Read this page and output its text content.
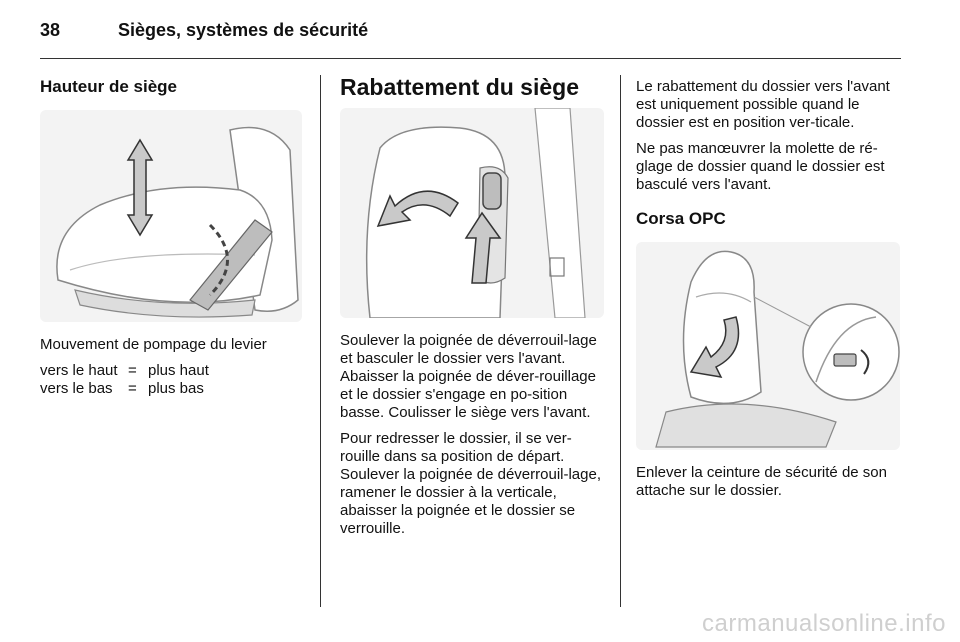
38	Sièges, systèmes de sécurité
Hauteur de siège
Mouvement de pompage du levier
vers le haut = plus haut
vers le bas	= plus bas
Rabattement du siège

Soulever la poignée de déverrouil-lage et basculer le dossier vers l'avant. Abaisser la poignée de déver-rouillage et le dossier s'engage en po-sition basse. Coulisser le siège vers l'avant.

Pour redresser le dossier, il se ver-rouille dans sa position de départ. Soulever la poignée de déverrouil-lage, ramener le dossier à la verticale, abaisser la poignée et le dossier se verrouille.

Le rabattement du dossier vers l'avant est uniquement possible quand le dossier est en position ver-ticale.

Ne pas manœuvrer la molette de ré-glage de dossier quand le dossier est basculé vers l'avant.

Corsa OPC
Enlever la ceinture de sécurité de son attache sur le dossier.
carmanualsonline.info
